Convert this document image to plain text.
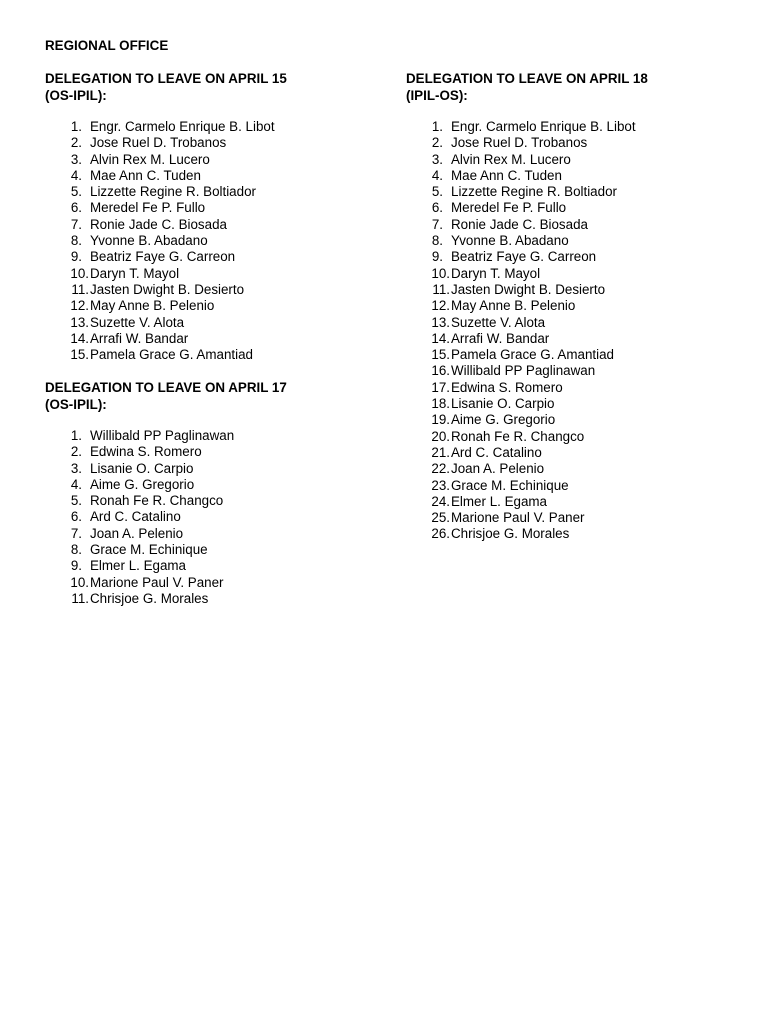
REGIONAL OFFICE

DELEGATION TO LEAVE ON APRIL 15
(OS-IPIL):

1. Engr. Carmelo Enrique B. Libot
2. Jose Ruel D. Trobanos
3. Alvin Rex M. Lucero
4. Mae Ann C. Tuden
5. Lizzette Regine R. Boltiador
6. Meredel Fe P. Fullo
7. Ronie Jade C. Biosada
8. Yvonne B. Abadano
9. Beatriz Faye G. Carreon
10. Daryn T. Mayol
11. Jasten Dwight B. Desierto
12. May Anne B. Pelenio
13. Suzette V. Alota
14. Arrafi W. Bandar
15. Pamela Grace G. Amantiad

DELEGATION TO LEAVE ON APRIL 17
(OS-IPIL):

1. Willibald PP Paglinawan
2. Edwina S. Romero
3. Lisanie O. Carpio
4. Aime G. Gregorio
5. Ronah Fe R. Changco
6. Ard C. Catalino
7. Joan A. Pelenio
8. Grace M. Echinique
9. Elmer L. Egama
10. Marione Paul V. Paner
11. Chrisjoe G. Morales

DELEGATION TO LEAVE ON APRIL 18
(IPIL-OS):

1. Engr. Carmelo Enrique B. Libot
2. Jose Ruel D. Trobanos
3. Alvin Rex M. Lucero
4. Mae Ann C. Tuden
5. Lizzette Regine R. Boltiador
6. Meredel Fe P. Fullo
7. Ronie Jade C. Biosada
8. Yvonne B. Abadano
9. Beatriz Faye G. Carreon
10. Daryn T. Mayol
11. Jasten Dwight B. Desierto
12. May Anne B. Pelenio
13. Suzette V. Alota
14. Arrafi W. Bandar
15. Pamela Grace G. Amantiad
16. Willibald PP Paglinawan
17. Edwina S. Romero
18. Lisanie O. Carpio
19. Aime G. Gregorio
20. Ronah Fe R. Changco
21. Ard C. Catalino
22. Joan A. Pelenio
23. Grace M. Echinique
24. Elmer L. Egama
25. Marione Paul V. Paner
26. Chrisjoe G. Morales
